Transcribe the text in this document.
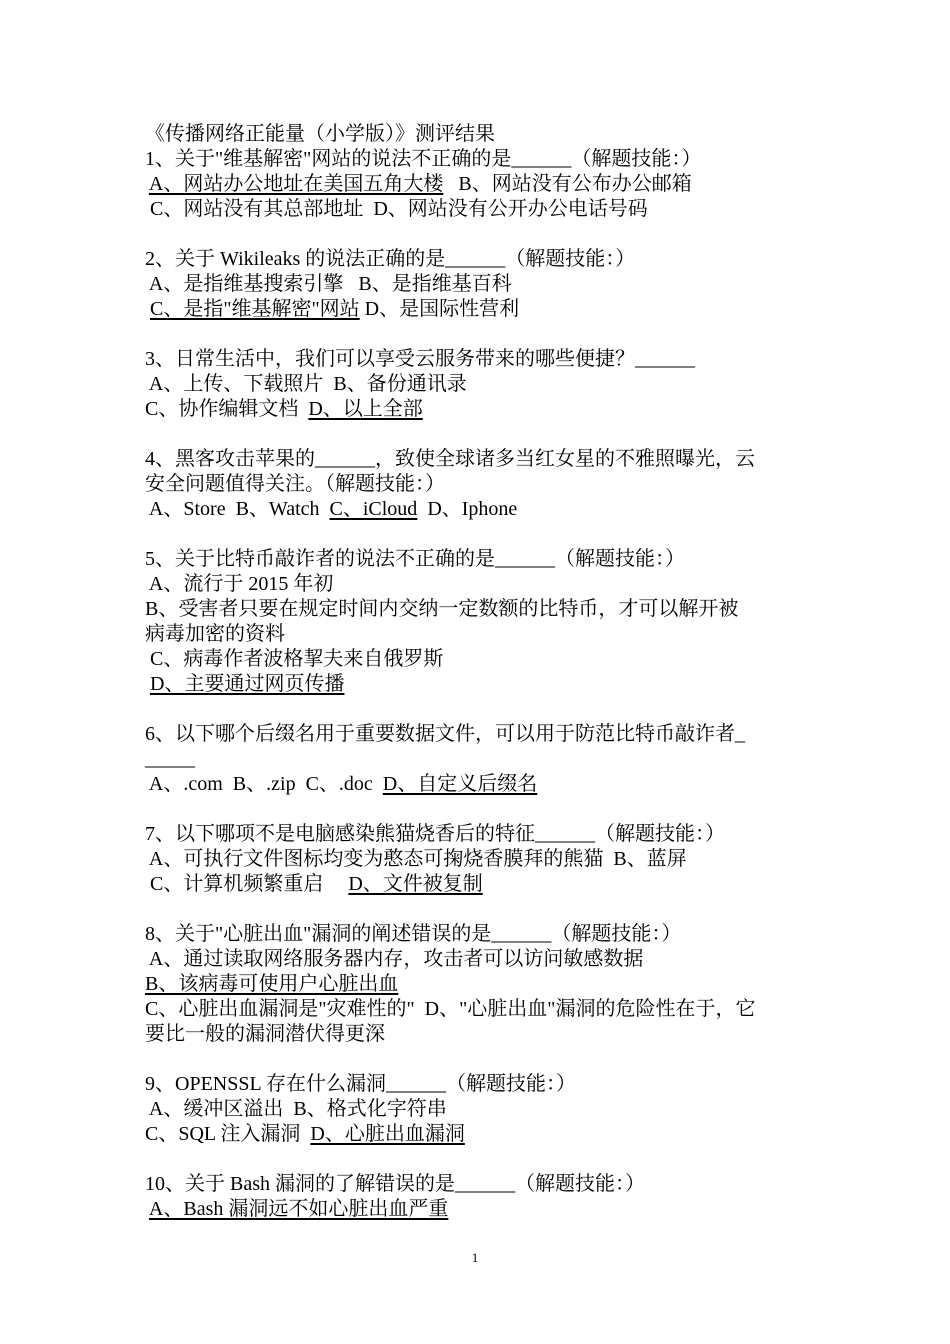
《传播网络正能量（小学版）》测评结果
1、关于"维基解密"网站的说法不正确的是______（解题技能：）
A、网站办公地址在美国五角大楼 B、网站没有公布办公邮箱
C、网站没有其总部地址 D、网站没有公开办公电话号码
2、关于 Wikileaks 的说法正确的是______（解题技能：）
A、是指维基搜索引擎 B、是指维基百科
C、是指"维基解密"网站 D、是国际性营利
3、日常生活中，我们可以享受云服务带来的哪些便捷？______
A、上传、下载照片 B、备份通讯录
C、协作编辑文档 D、以上全部
4、黑客攻击苹果的______，致使全球诸多当红女星的不雅照曝光，云
安全问题值得关注。（解题技能：）
A、Store B、Watch C、iCloud D、Iphone
5、关于比特币敲诈者的说法不正确的是______（解题技能：）
A、流行于 2015 年初
B、受害者只要在规定时间内交纳一定数额的比特币，才可以解开被
病毒加密的资料
C、病毒作者波格挈夫来自俄罗斯
D、主要通过网页传播
6、以下哪个后缀名用于重要数据文件，可以用于防范比特币敲诈者_
_____
A、.com B、.zip C、.doc D、自定义后缀名
7、以下哪项不是电脑感染熊猫烧香后的特征______（解题技能：）
A、可执行文件图标均变为憨态可掬烧香膜拜的熊猫 B、蓝屏
C、计算机频繁重启 D、文件被复制
8、关于"心脏出血"漏洞的阐述错误的是______（解题技能：）
A、通过读取网络服务器内存，攻击者可以访问敏感数据
B、该病毒可使用户心脏出血
C、心脏出血漏洞是"灾难性的" D、"心脏出血"漏洞的危险性在于，它
要比一般的漏洞潜伏得更深
9、OPENSSL 存在什么漏洞______（解题技能：）
A、缓冲区溢出 B、格式化字符串
C、SQL 注入漏洞 D、心脏出血漏洞
10、关于 Bash 漏洞的了解错误的是______（解题技能：）
A、Bash 漏洞远不如心脏出血严重
1
